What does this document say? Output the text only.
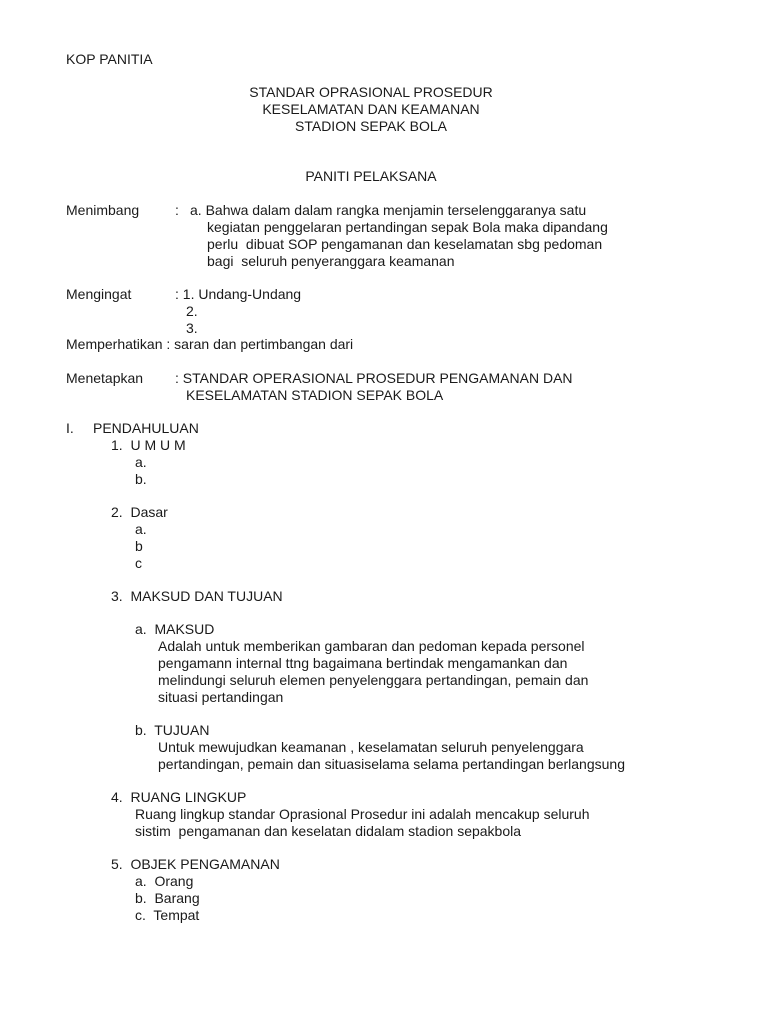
KOP PANITIA
STANDAR OPRASIONAL PROSEDUR
KESELAMATAN DAN KEAMANAN
STADION SEPAK BOLA
PANITI PELAKSANA
Menimbang	: a. Bahwa dalam dalam rangka menjamin terselenggaranya satu
kegiatan penggelaran pertandingan sepak Bola maka dipandang
perlu  dibuat SOP pengamanan dan keselamatan sbg pedoman
bagi  seluruh penyeranggara keamanan
Mengingat	: 1. Undang-Undang
2.
3.
Memperhatikan : saran dan pertimbangan dari
Menetapkan : STANDAR OPERASIONAL PROSEDUR PENGAMANAN DAN
KESELAMATAN STADION SEPAK BOLA
I. PENDAHULUAN
1.  U M U M
a.
b.
2.  Dasar
a.
b
c
3.  MAKSUD DAN TUJUAN
a.  MAKSUD
Adalah untuk memberikan gambaran dan pedoman kepada personel
pengamann internal ttng bagaimana bertindak mengamankan dan
melindungi seluruh elemen penyelenggara pertandingan, pemain dan
situasi pertandingan
b.  TUJUAN
Untuk mewujudkan keamanan , keselamatan seluruh penyelenggara
pertandingan, pemain dan situasiselama selama pertandingan berlangsung
4.  RUANG LINGKUP
Ruang lingkup standar Oprasional Prosedur ini adalah mencakup seluruh
sistim  pengamanan dan keselatan didalam stadion sepakbola
5.  OBJEK PENGAMANAN
a.  Orang
b.  Barang
c.  Tempat
